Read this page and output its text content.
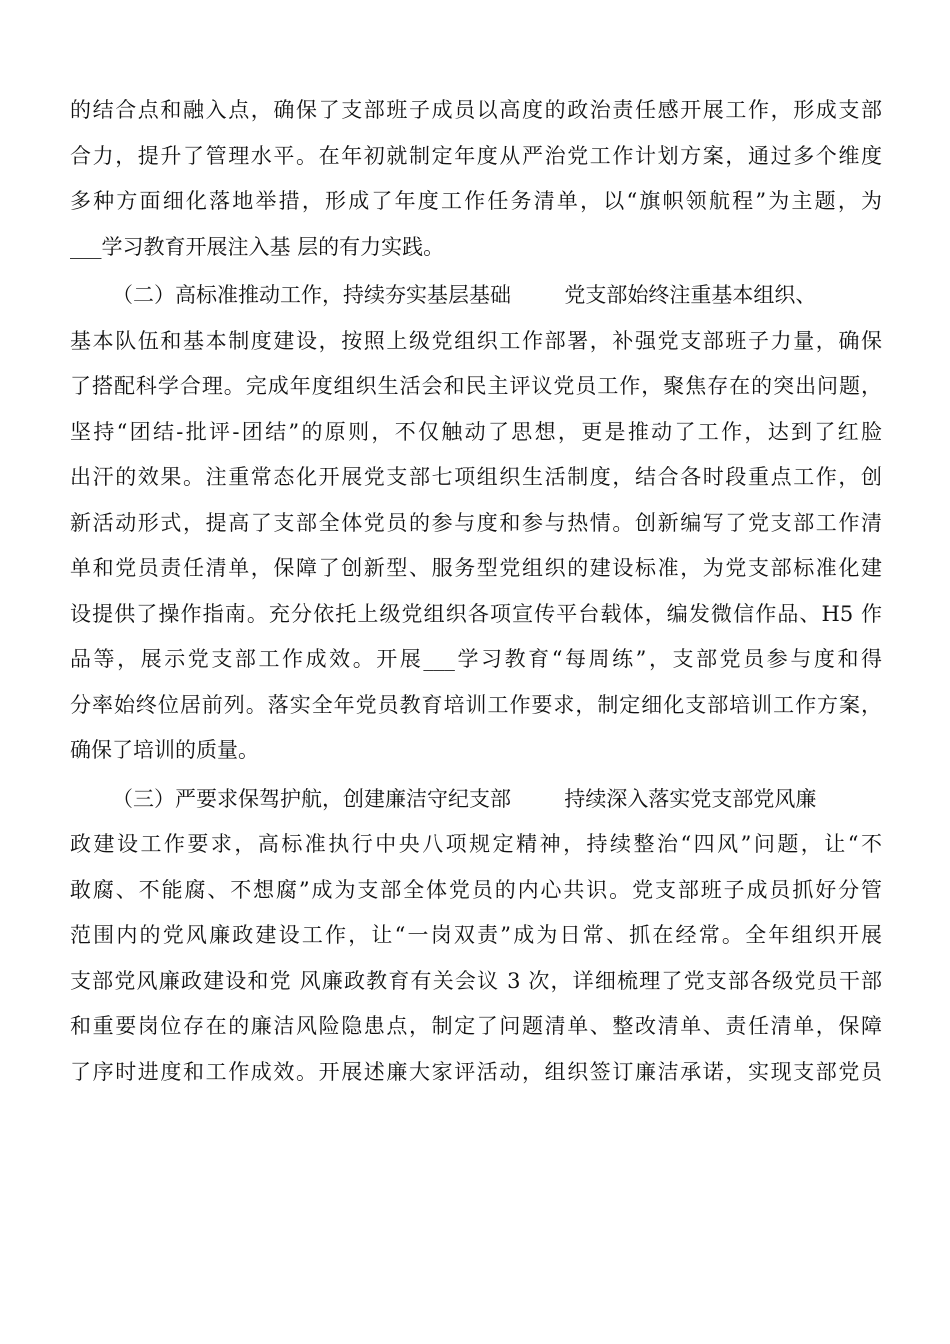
的结合点和融入点，确保了支部班子成员以高度的政治责任感开展工作，形成支部
合力，提升了管理水平。在年初就制定年度从严治党工作计划方案，通过多个维度
多种方面细化落地举措，形成了年度工作任务清单，以“旗帜领航程”为主题，为
___学习教育开展注入基 层的有力实践。
（二）高标准推动工作，持续夯实基层基础        党支部始终注重基本组织、
基本队伍和基本制度建设，按照上级党组织工作部署，补强党支部班子力量，确保
了搭配科学合理。完成年度组织生活会和民主评议党员工作，聚焦存在的突出问题，
坚持“团结-批评-团结”的原则，不仅触动了思想，更是推动了工作，达到了红脸
出汗的效果。注重常态化开展党支部七项组织生活制度，结合各时段重点工作，创
新活动形式，提高了支部全体党员的参与度和参与热情。创新编写了党支部工作清
单和党员责任清单，保障了创新型、服务型党组织的建设标准，为党支部标准化建
设提供了操作指南。充分依托上级党组织各项宣传平台载体，编发微信作品、H5 作
品等，展示党支部工作成效。开展___学习教育“每周练”，支部党员参与度和得
分率始终位居前列。落实全年党员教育培训工作要求，制定细化支部培训工作方案，
确保了培训的质量。
（三）严要求保驾护航，创建廉洁守纪支部        持续深入落实党支部党风廉
政建设工作要求，高标准执行中央八项规定精神，持续整治“四风”问题，让“不
敢腐、不能腐、不想腐”成为支部全体党员的内心共识。党支部班子成员抓好分管
范围内的党风廉政建设工作，让“一岗双责”成为日常、抓在经常。全年组织开展
支部党风廉政建设和党 风廉政教育有关会议 3 次，详细梳理了党支部各级党员干部
和重要岗位存在的廉洁风险隐患点，制定了问题清单、整改清单、责任清单，保障
了序时进度和工作成效。开展述廉大家评活动，组织签订廉洁承诺，实现支部党员
